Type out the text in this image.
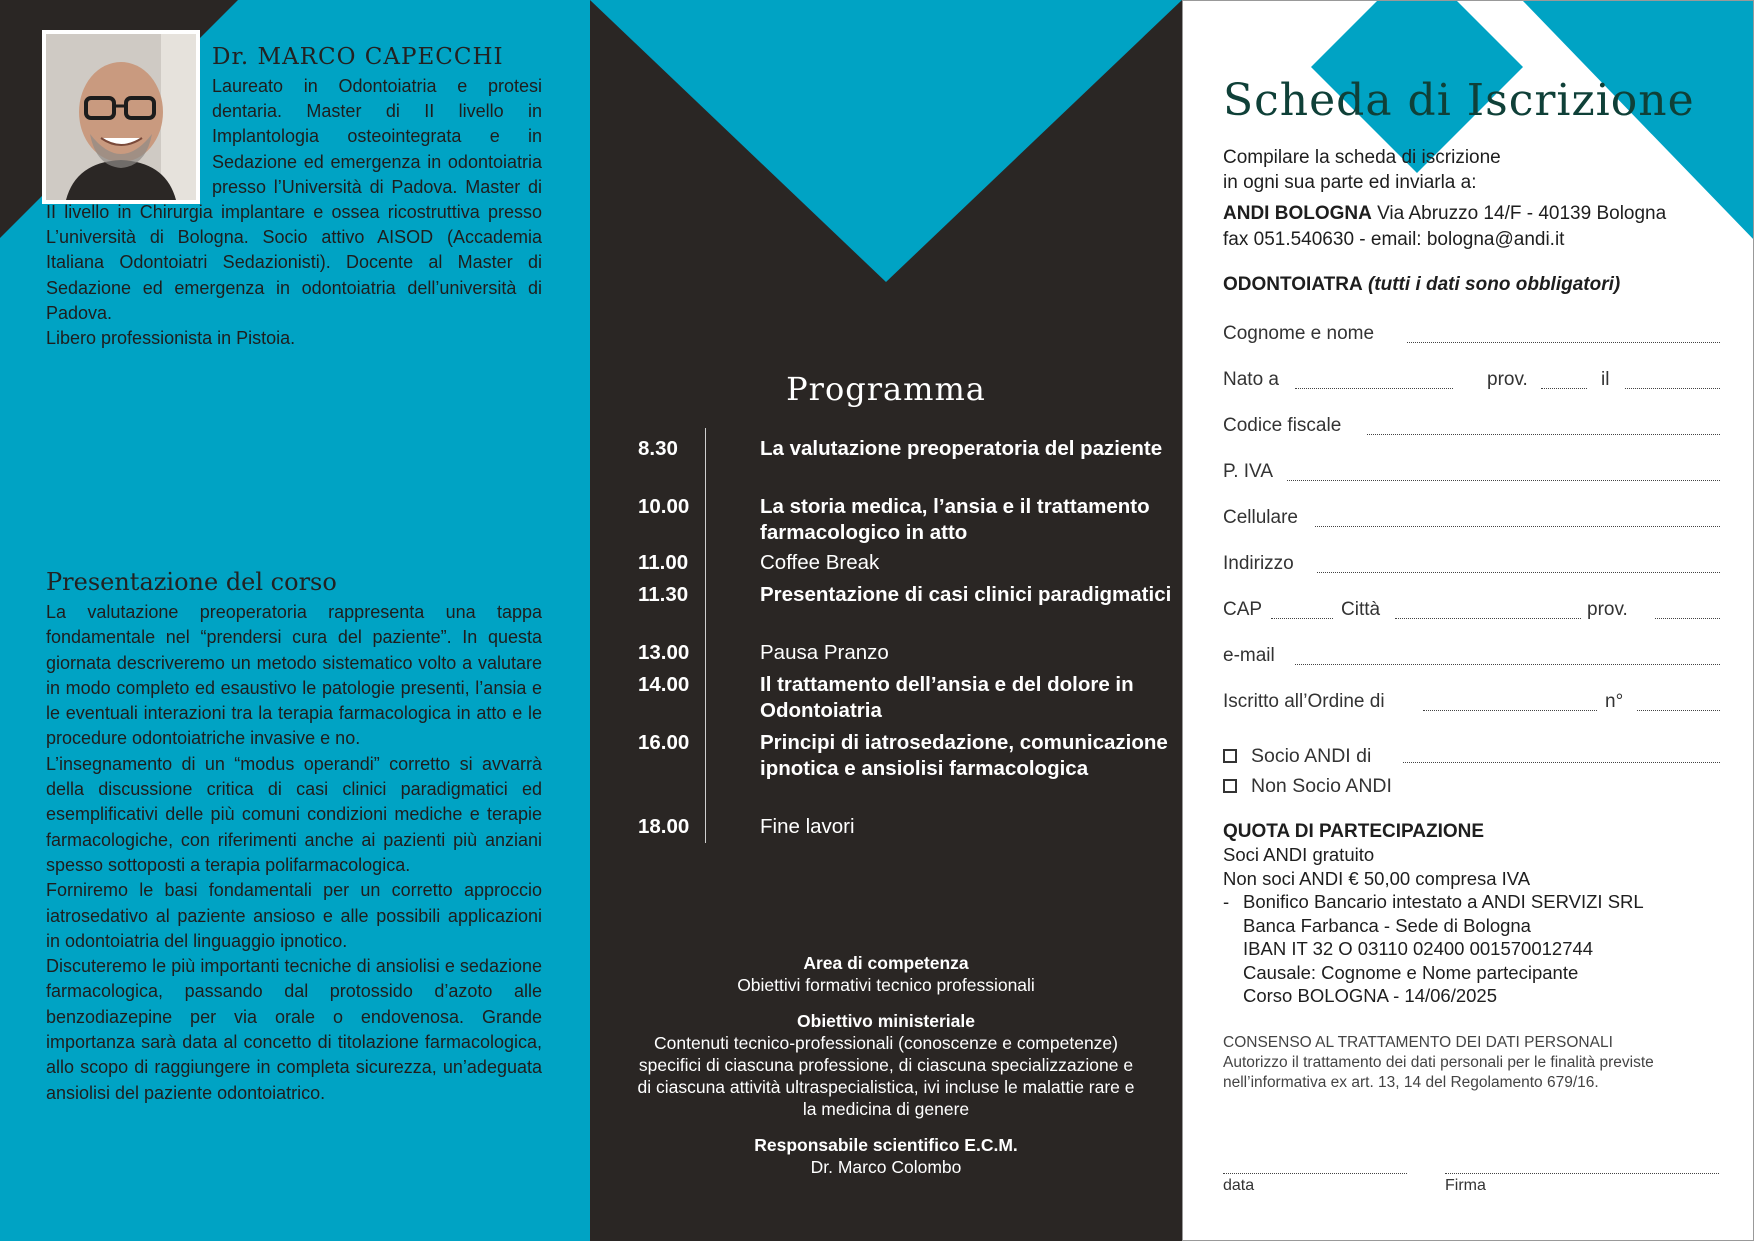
Dr. MARCO CAPECCHI
Laureato in Odontoiatria e protesi dentaria. Master di II livello in Implantologia osteointegrata e in Sedazione ed emergenza in odontoiatria presso l’Università di Padova. Master di II livello in Chirurgia implantare e ossea ricostruttiva presso L’università di Bologna. Socio attivo AISOD (Accademia Italiana Odontoiatri Sedazionisti). Docente al Master di Sedazione ed emergenza in odontoiatria dell’università di Padova.
Libero professionista in Pistoia.
Presentazione del corso
La valutazione preoperatoria rappresenta una tappa fondamentale nel “prendersi cura del paziente”. In questa giornata descriveremo un metodo sistematico volto a valutare in modo completo ed esaustivo le patologie presenti, l’ansia e le eventuali interazioni tra la terapia farmacologica in atto e le procedure odontoiatriche invasive e no.
L’insegnamento di un “modus operandi” corretto si avvarrà della discussione critica di casi clinici paradigmatici ed esemplificativi delle più comuni condizioni mediche e terapie farmacologiche, con riferimenti anche ai pazienti più anziani spesso sottoposti a terapia polifarmacologica.
Forniremo le basi fondamentali per un corretto approccio iatrosedativo al paziente ansioso e alle possibili applicazioni in odontoiatria del linguaggio ipnotico.
Discuteremo le più importanti tecniche di ansiolisi e sedazione farmacologica, passando dal protossido d’azoto alle benzodiazepine per via orale o endovenosa. Grande importanza sarà data al concetto di titolazione farmacologica, allo scopo di raggiungere in completa sicurezza, un’adeguata ansiolisi del paziente odontoiatrico.
Programma
8.30	La valutazione preoperatoria del paziente
10.00	La storia medica, l’ansia e il trattamento farmacologico in atto
11.00	Coffee Break
11.30	Presentazione di casi clinici paradigmatici
13.00	Pausa Pranzo
14.00	Il trattamento dell’ansia e del dolore in Odontoiatria
16.00	Principi di iatrosedazione, comunicazione ipnotica e ansiolisi farmacologica
18.00	Fine lavori
Area di competenza
Obiettivi formativi tecnico professionali
Obiettivo ministeriale
Contenuti tecnico-professionali (conoscenze e competenze) specifici di ciascuna professione, di ciascuna specializzazione e di ciascuna attività ultraspecialistica, ivi incluse le malattie rare e la medicina di genere
Responsabile scientifico E.C.M.
Dr. Marco Colombo
Scheda di Iscrizione
Compilare la scheda di iscrizione
in ogni sua parte ed inviarla a:
ANDI BOLOGNA Via Abruzzo 14/F - 40139 Bologna
fax 051.540630 - email: bologna@andi.it
ODONTOIATRA (tutti i dati sono obbligatori)
Cognome e nome
Nato a	prov.	il
Codice fiscale
P. IVA
Cellulare
Indirizzo
CAP	Città	prov.
e-mail
Iscritto all’Ordine di	n°
Socio ANDI di
Non Socio ANDI
QUOTA DI PARTECIPAZIONE
Soci ANDI gratuito
Non soci ANDI € 50,00 compresa IVA
- Bonifico Bancario intestato a ANDI SERVIZI SRL
Banca Farbanca - Sede di Bologna
IBAN IT 32 O 03110 02400 001570012744
Causale: Cognome e Nome partecipante
Corso BOLOGNA - 14/06/2025
CONSENSO AL TRATTAMENTO DEI DATI PERSONALI
Autorizzo il trattamento dei dati personali per le finalità previste nell’informativa ex art. 13, 14 del Regolamento 679/16.
data	Firma
